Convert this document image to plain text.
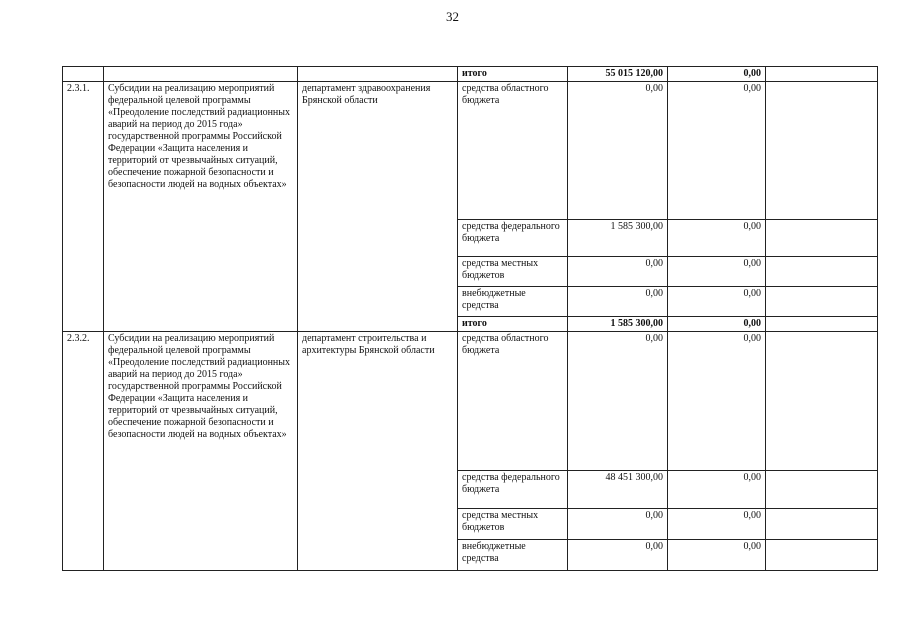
32
			итого	55 015 120,00	0,00	
2.3.1.	Субсидии на реализацию мероприятий федеральной целевой программы «Преодоление последствий радиационных аварий на период до 2015 года» государственной программы Российской Федерации «Защита населения и территорий от чрезвычайных ситуаций, обеспечение пожарной безопасности и безопасности людей на водных объектах»	департамент здравоохранения Брянской области	средства областного бюджета	0,00	0,00	
			средства федерального бюджета	1 585 300,00	0,00	
			средства местных бюджетов	0,00	0,00	
			внебюджетные средства	0,00	0,00	
			итого	1 585 300,00	0,00	
2.3.2.	Субсидии на реализацию мероприятий федеральной целевой программы «Преодоление последствий радиационных аварий на период до 2015 года» государственной программы Российской Федерации «Защита населения и территорий от чрезвычайных ситуаций, обеспечение пожарной безопасности и безопасности людей на водных объектах»	департамент строительства и архитектуры Брянской области	средства областного бюджета	0,00	0,00	
			средства федерального бюджета	48 451 300,00	0,00	
			средства местных бюджетов	0,00	0,00	
			внебюджетные средства	0,00	0,00	
